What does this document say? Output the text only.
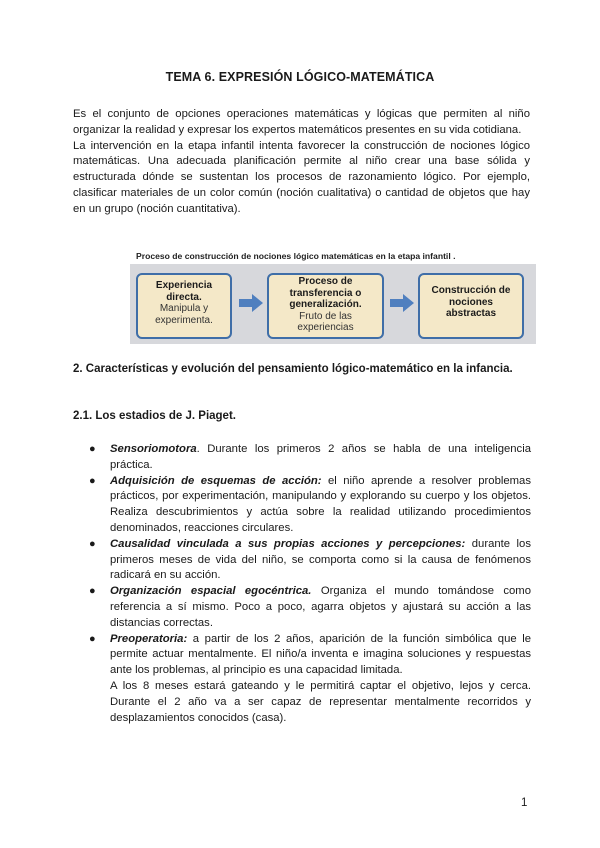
TEMA 6. EXPRESIÓN LÓGICO-MATEMÁTICA

Es el conjunto de opciones operaciones matemáticas y lógicas que permiten al niño organizar la realidad y expresar los expertos matemáticos presentes en su vida cotidiana.

La intervención en la etapa infantil intenta favorecer la construcción de nociones lógico matemáticas. Una adecuada planificación permite al niño crear una base sólida y estructurada dónde se sustentan los procesos de razonamiento lógico. Por ejemplo, clasificar materiales de un color común (noción cualitativa) o cantidad de objetos que hay en un grupo (noción cuantitativa).

Proceso de construcción de nociones lógico matemáticas en la etapa infantil .
Experiencia
directa.
Manipula y
experimenta.
Proceso de
transferencia o
generalización.
Fruto de las
experiencias
Construcción de
nociones
abstractas
2. Características y evolución del pensamiento lógico-matemático en la infancia.
2.1. Los estadios de J. Piaget.
● Sensoriomotora. Durante los primeros 2 años se habla de una inteligencia práctica.

● Adquisición de esquemas de acción: el niño aprende a resolver problemas prácticos, por experimentación, manipulando y explorando su cuerpo y los objetos. Realiza descubrimientos y actúa sobre la realidad utilizando procedimientos denominados, reacciones circulares.

● Causalidad vinculada a sus propias acciones y percepciones: durante los primeros meses de vida del niño, se comporta como si la causa de fenómenos radicará en su acción.

● Organización espacial egocéntrica. Organiza el mundo tomándose como referencia a sí mismo. Poco a poco, agarra objetos y ajustará su acción a las distancias correctas.

● Preoperatoria: a partir de los 2 años, aparición de la función simbólica que le permite actuar mentalmente. El niño/a inventa e imagina soluciones y respuestas ante los problemas, al principio es una capacidad limitada.

A los 8 meses estará gateando y le permitirá captar el objetivo, lejos y cerca. Durante el 2 año va a ser capaz de representar mentalmente recorridos y desplazamientos conocidos (casa).

1
